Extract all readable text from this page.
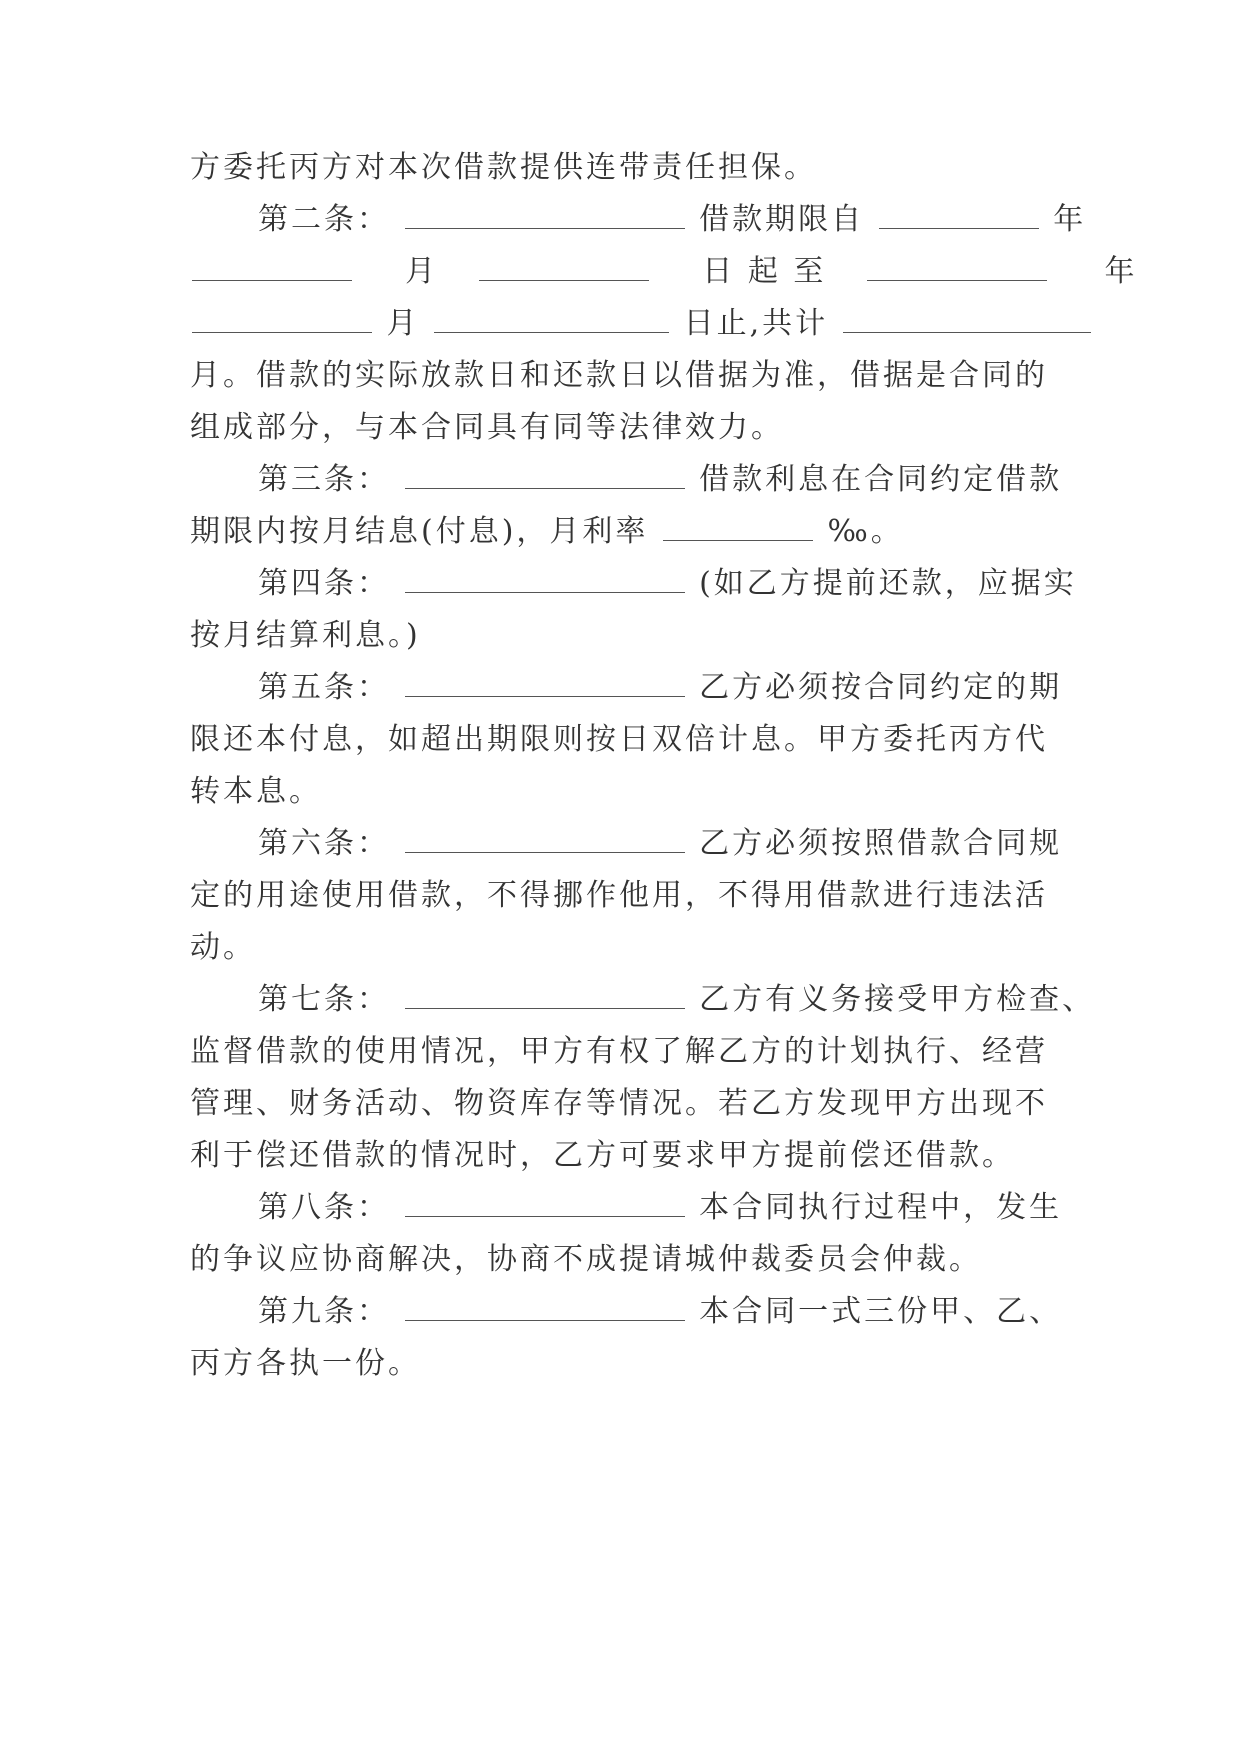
方委托丙方对本次借款提供连带责任担保。
第二条：	借款期限自	年
月	日 起 至	年
月	日止,共计
月。借款的实际放款日和还款日以借据为准，借据是合同的
组成部分，与本合同具有同等法律效力。
第三条：	借款利息在合同约定借款
期限内按月结息(付息)，月利率	‰。
第四条：	(如乙方提前还款，应据实
按月结算利息。)
第五条：	乙方必须按合同约定的期
限还本付息，如超出期限则按日双倍计息。甲方委托丙方代
转本息。
第六条：	乙方必须按照借款合同规
定的用途使用借款，不得挪作他用，不得用借款进行违法活
动。
第七条：	乙方有义务接受甲方检查、
监督借款的使用情况，甲方有权了解乙方的计划执行、经营
管理、财务活动、物资库存等情况。若乙方发现甲方出现不
利于偿还借款的情况时，乙方可要求甲方提前偿还借款。
第八条：	本合同执行过程中，发生
的争议应协商解决，协商不成提请城仲裁委员会仲裁。
第九条：	本合同一式三份甲、乙、
丙方各执一份。
